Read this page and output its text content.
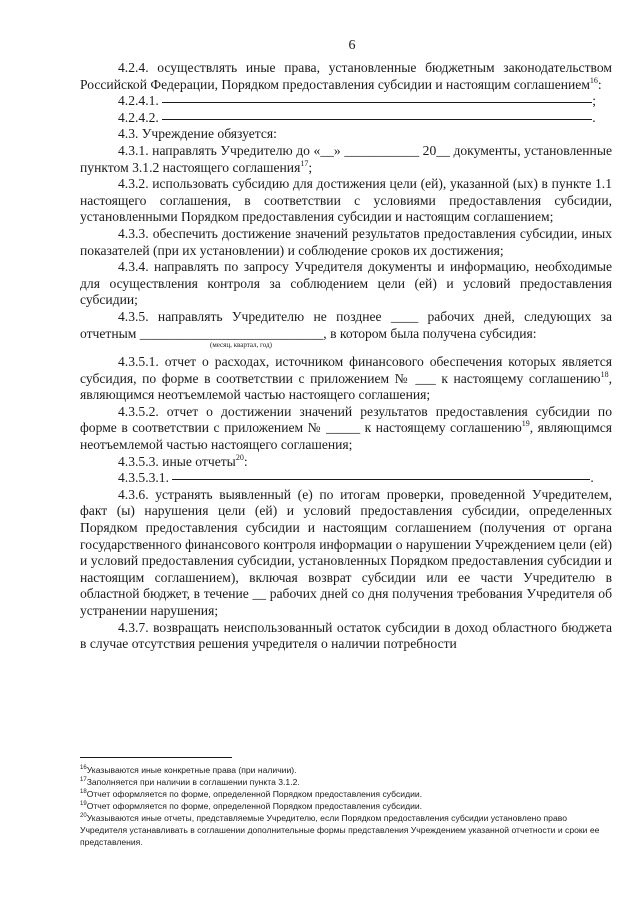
6

4.2.4. осуществлять иные права, установленные бюджетным законодательством Российской Федерации, Порядком предоставления субсидии и настоящим соглашением$^{16}$:

4.2.4.1.	;

4.2.4.2.	.

4.3. Учреждение обязуется:

4.3.1. направлять Учредителю до «__» ___________ 20__ документы, установленные пунктом 3.1.2 настоящего соглашения$^{17}$;

4.3.2. использовать субсидию для достижения цели (ей), указанной (ых) в пункте 1.1 настоящего соглашения, в соответствии с условиями предоставления субсидии, установленными Порядком предоставления субсидии и настоящим соглашением;

4.3.3. обеспечить достижение значений результатов предоставления субсидии, иных показателей (при их установлении) и соблюдение сроков их достижения;

4.3.4. направлять по запросу Учредителя документы и информацию, необходимые для осуществления контроля за соблюдением цели (ей) и условий предоставления субсидии;

4.3.5. направлять Учредителю не позднее ____ рабочих дней, следующих за отчетным ___________________________, в котором была получена субсидия:

(месяц, квартал, год)

4.3.5.1. отчет о расходах, источником финансового обеспечения которых является субсидия, по форме в соответствии с приложением № ___ к настоящему соглашению$^{18}$, являющимся неотъемлемой частью настоящего соглашения;

4.3.5.2. отчет о достижении значений результатов предоставления субсидии по форме в соответствии с приложением № _____ к настоящему соглашению$^{19}$, являющимся неотъемлемой частью настоящего соглашения;

4.3.5.3. иные отчеты$^{20}$:

4.3.5.3.1.	.

4.3.6. устранять выявленный (е) по итогам проверки, проведенной Учредителем, факт (ы) нарушения цели (ей) и условий предоставления субсидии, определенных Порядком предоставления субсидии и настоящим соглашением (получения от органа государственного финансового контроля информации о нарушении Учреждением цели (ей) и условий предоставления субсидии, установленных Порядком предоставления субсидии и настоящим соглашением), включая возврат субсидии или ее части Учредителю в областной бюджет, в течение __ рабочих дней со дня получения требования Учредителя об устранении нарушения;

4.3.7. возвращать неиспользованный остаток субсидии в доход областного бюджета в случае отсутствия решения учредителя о наличии потребности

$^{16}$Указываются иные конкретные права (при наличии).

$^{17}$Заполняется при наличии в соглашении пункта 3.1.2.

$^{18}$Отчет оформляется по форме, определенной Порядком предоставления субсидии.

$^{19}$Отчет оформляется по форме, определенной Порядком предоставления субсидии.

$^{20}$Указываются иные отчеты, представляемые Учредителю, если Порядком предоставления субсидии установлено право Учредителя устанавливать в соглашении дополнительные формы представления Учреждением указанной отчетности и сроки ее представления.
